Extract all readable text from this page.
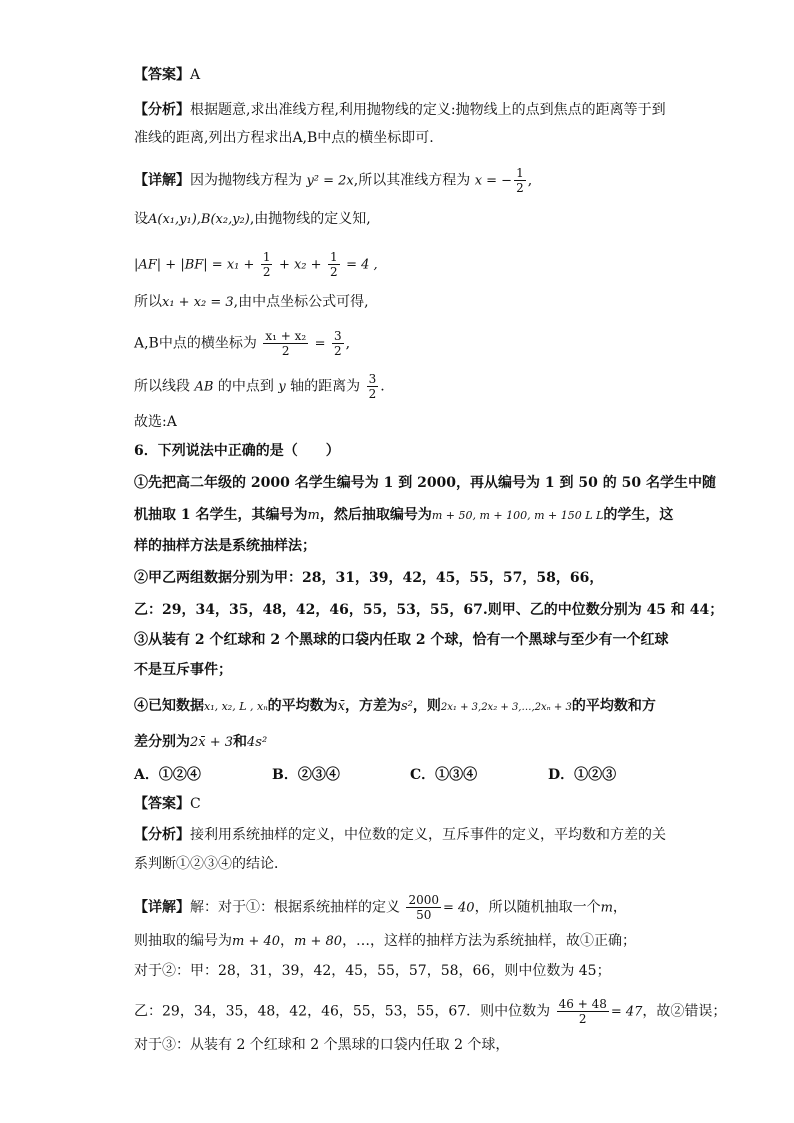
【答案】A
【分析】根据题意,求出准线方程,利用抛物线的定义:抛物线上的点到焦点的距离等于到
准线的距离,列出方程求出A,B中点的横坐标即可.
【详解】因为抛物线方程为 y² = 2x,所以其准线方程为 x = − $\frac{1}{2}$ ,
设A(x₁,y₁),B(x₂,y₂),由抛物线的定义知,
$|AF| + |BF| = x_1 + \frac{1}{2} + x_2 + \frac{1}{2} = 4$ ,
所以x₁ + x₂ = 3,由中点坐标公式可得,
A,B中点的横坐标为 $\frac{\text{x₁ + x₂}}{2} = \frac{3}{2}$ ,
所以线段 AB 的中点到 y 轴的距离为 $\frac{3}{2}$ .
故选:A
6．下列说法中正确的是（　　）
①先把高二年级的 2000 名学生编号为 1 到 2000，再从编号为 1 到 50 的 50 名学生中随
机抽取 1 名学生，其编号为m，然后抽取编号为m + 50, m + 100, m + 150 L L的学生，这
样的抽样方法是系统抽样法；
②甲乙两组数据分别为甲：28，31，39，42，45，55，57，58，66，
乙：29，34，35，48，42，46，55，53，55，67.则甲、乙的中位数分别为 45 和 44；
③从装有 2 个红球和 2 个黑球的口袋内任取 2 个球，恰有一个黑球与至少有一个红球
不是互斥事件；
④已知数据x₁, x₂, L , xₙ的平均数为x̄，方差为s²，则2x₁ + 3,2x₂ + 3,…,2xₙ + 3的平均数和方
差分别为2x̄ + 3和4s²
A．①②④	B．②③④	C．①③④	D．①②③
【答案】C
【分析】接利用系统抽样的定义，中位数的定义，互斥事件的定义，平均数和方差的关
系判断①②③④的结论．
【详解】解：对于①：根据系统抽样的定义 $\frac{2000}{50} = 40$，所以随机抽取一个m，
则抽取的编号为m + 40，m + 80，…，这样的抽样方法为系统抽样，故①正确；
对于②：甲：28，31，39，42，45，55，57，58，66，则中位数为 45；
乙：29，34，35，48，42，46，55，53，55，67．则中位数为 $\frac{46 + 48}{2} = 47$，故②错误；
对于③：从装有 2 个红球和 2 个黑球的口袋内任取 2 个球，
